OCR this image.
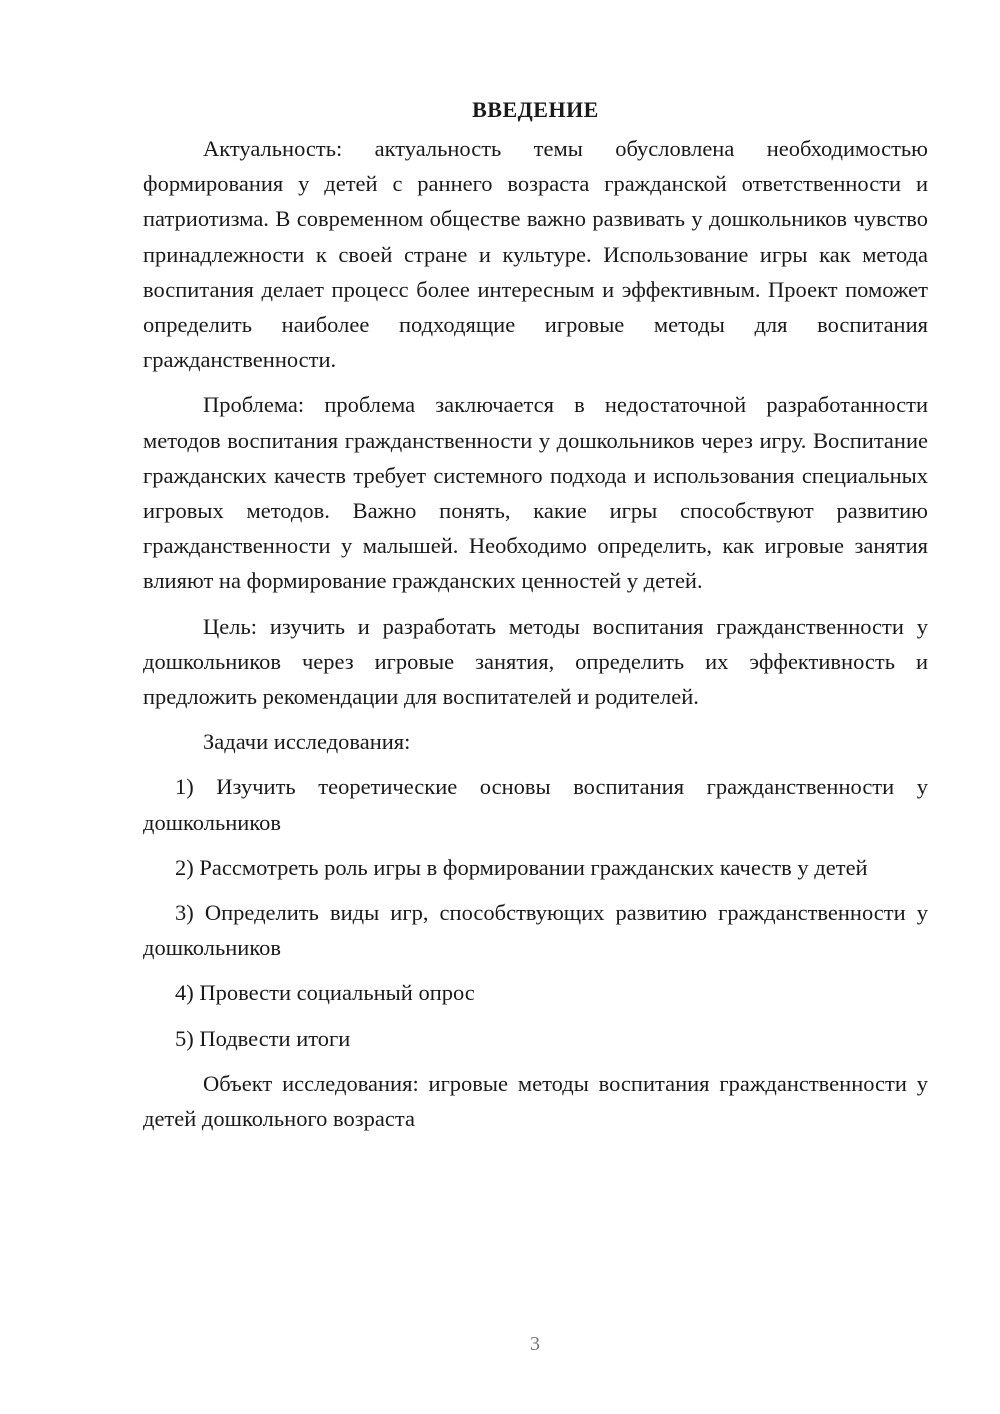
ВВЕДЕНИЕ

Актуальность: актуальность темы обусловлена необходимостью формирования у детей с раннего возраста гражданской ответственности и патриотизма. В современном обществе важно развивать у дошкольников чувство принадлежности к своей стране и культуре. Использование игры как метода воспитания делает процесс более интересным и эффективным. Проект поможет определить наиболее подходящие игровые методы для воспитания гражданственности.

Проблема: проблема заключается в недостаточной разработанности методов воспитания гражданственности у дошкольников через игру. Воспитание гражданских качеств требует системного подхода и использования специальных игровых методов. Важно понять, какие игры способствуют развитию гражданственности у малышей. Необходимо определить, как игровые занятия влияют на формирование гражданских ценностей у детей.

Цель: изучить и разработать методы воспитания гражданственности у дошкольников через игровые занятия, определить их эффективность и предложить рекомендации для воспитателей и родителей.

Задачи исследования:

1) Изучить теоретические основы воспитания гражданственности у дошкольников

2) Рассмотреть роль игры в формировании гражданских качеств у детей

3) Определить виды игр, способствующих развитию гражданственности у дошкольников

4) Провести социальный опрос

5) Подвести итоги

Объект исследования: игровые методы воспитания гражданственности у детей дошкольного возраста

3
